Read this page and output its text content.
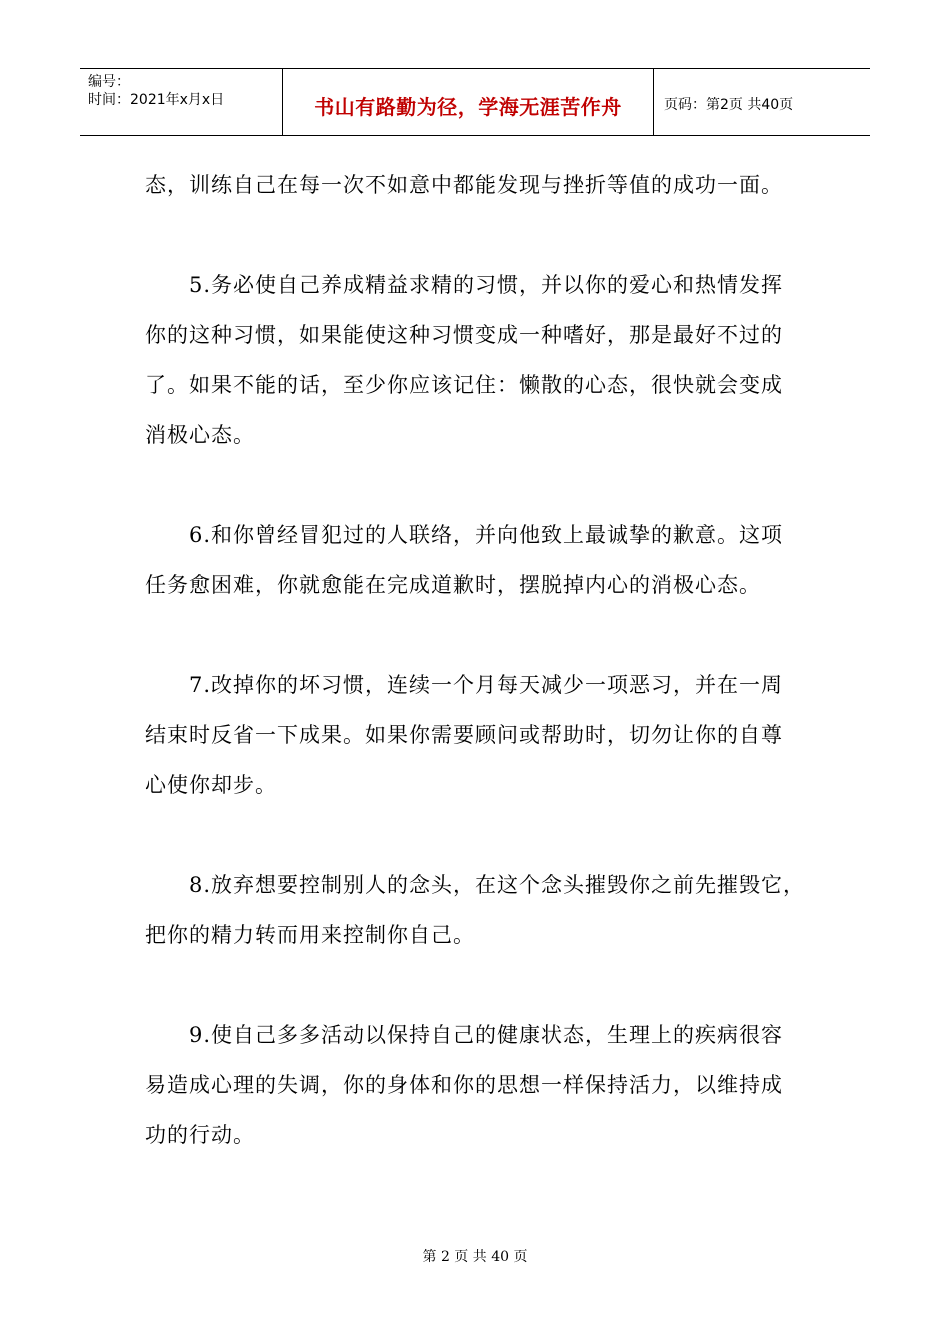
编号：
时间：2021年x月x日	书山有路勤为径，学海无涯苦作舟	页码：第2页 共40页
态，训练自己在每一次不如意中都能发现与挫折等值的成功一面。
5.务必使自己养成精益求精的习惯，并以你的爱心和热情发挥
你的这种习惯，如果能使这种习惯变成一种嗜好，那是最好不过的
了。如果不能的话，至少你应该记住：懒散的心态，很快就会变成
消极心态。
6.和你曾经冒犯过的人联络，并向他致上最诚挚的歉意。这项
任务愈困难，你就愈能在完成道歉时，摆脱掉内心的消极心态。
7.改掉你的坏习惯，连续一个月每天减少一项恶习，并在一周
结束时反省一下成果。如果你需要顾问或帮助时，切勿让你的自尊
心使你却步。
8.放弃想要控制别人的念头，在这个念头摧毁你之前先摧毁它，
把你的精力转而用来控制你自己。
9.使自己多多活动以保持自己的健康状态，生理上的疾病很容
易造成心理的失调，你的身体和你的思想一样保持活力，以维持成
功的行动。
第 2 页 共 40 页
